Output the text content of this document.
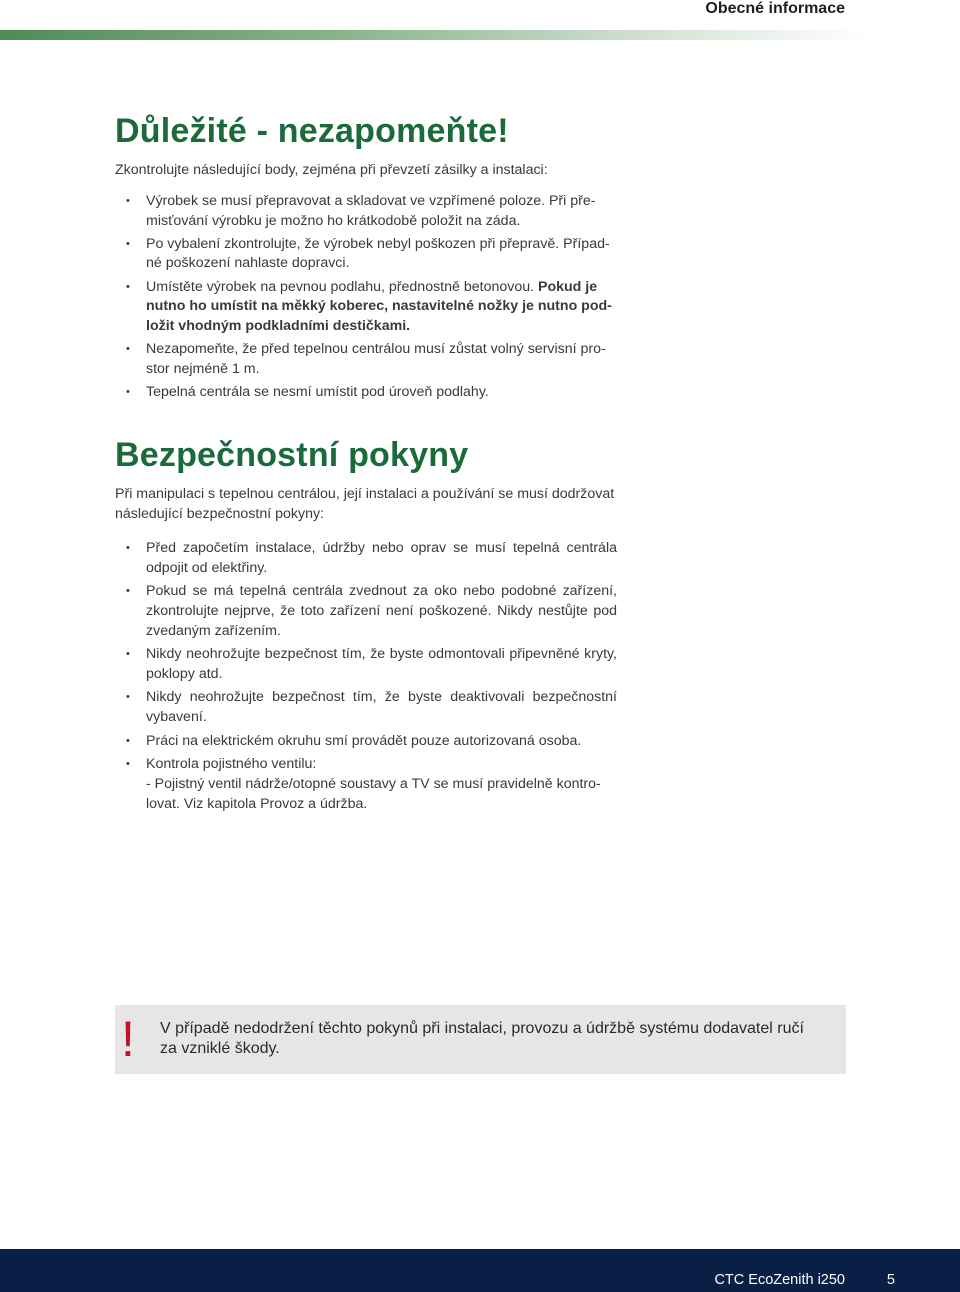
Obecné informace
Důležité - nezapomeňte!

Zkontrolujte následující body, zejména při převzetí zásilky a instalaci:

• Výrobek se musí přepravovat a skladovat ve vzpřímené poloze. Při pře-
misťování výrobku je možno ho krátkodobě položit na záda.
• Po vybalení zkontrolujte, že výrobek nebyl poškozen při přepravě. Případ-
né poškození nahlaste dopravci.
• Umístěte výrobek na pevnou podlahu, přednostně betonovou. Pokud je nutno ho umístit na měkký koberec, nastavitelné nožky je nutno pod-ložit vhodným podkladními destičkami.
• Nezapomeňte, že před tepelnou centrálou musí zůstat volný servisní pro-
stor nejméně 1 m.
• Tepelná centrála se nesmí umístit pod úroveň podlahy.
Bezpečnostní pokyny

Při manipulaci s tepelnou centrálou, její instalaci a používání se musí dodržovat následující bezpečnostní pokyny:

• Před započetím instalace, údržby nebo oprav se musí tepelná centrála odpojit od elektřiny.
• Pokud se má tepelná centrála zvednout za oko nebo podobné zařízení, zkontrolujte nejprve, že toto zařízení není poškozené. Nikdy nestůjte pod zvedaným zařízením.
• Nikdy neohrožujte bezpečnost tím, že byste odmontovali připevněné kryty, poklopy atd.
• Nikdy neohrožujte bezpečnost tím, že byste deaktivovali bezpečnostní vybavení.
• Práci na elektrickém okruhu smí provádět pouze autorizovaná osoba.
• Kontrola pojistného ventilu:
- Pojistný ventil nádrže/otopné soustavy a TV se musí pravidelně kontro-
lovat. Viz kapitola Provoz a údržba.
! V případě nedodržení těchto pokynů při instalaci, provozu a údržbě systému dodavatel ručí za vzniklé škody.
CTC EcoZenith i250	5
